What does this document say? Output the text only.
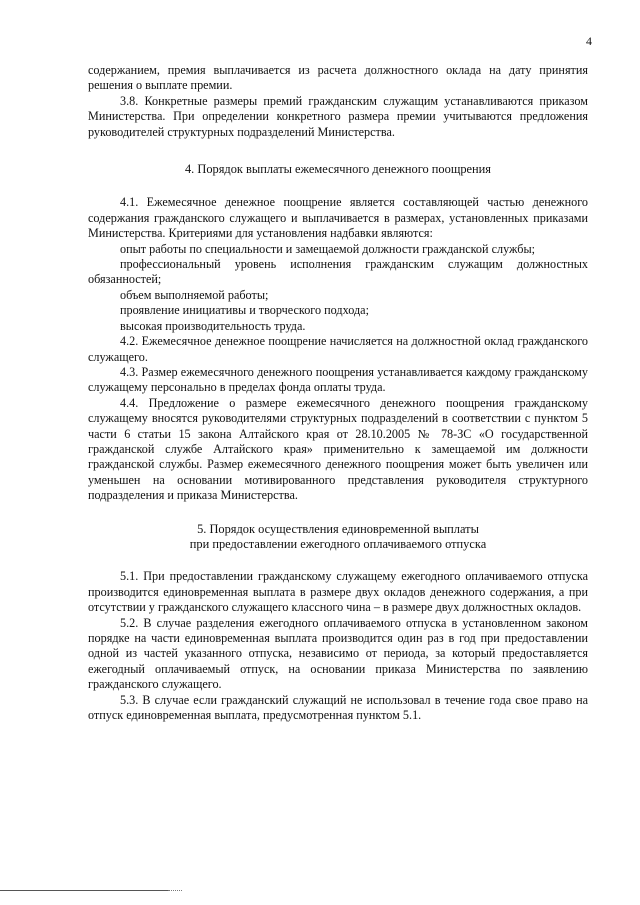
4

содержанием, премия выплачивается из расчета должностного оклада на дату принятия решения о выплате премии.

3.8. Конкретные размеры премий гражданским служащим устанавливаются приказом Министерства. При определении конкретного размера премии учитываются предложения руководителей структурных подразделений Министерства.

4. Порядок выплаты ежемесячного денежного поощрения

4.1. Ежемесячное денежное поощрение является составляющей частью денежного содержания гражданского служащего и выплачивается в размерах, установленных приказами Министерства. Критериями для установления надбавки являются:

опыт работы по специальности и замещаемой должности гражданской службы;

профессиональный уровень исполнения гражданским служащим должностных обязанностей;

объем выполняемой работы;

проявление инициативы и творческого подхода;

высокая производительность труда.

4.2. Ежемесячное денежное поощрение начисляется на должностной оклад гражданского служащего.

4.3. Размер ежемесячного денежного поощрения устанавливается каждому гражданскому служащему персонально в пределах фонда оплаты труда.

4.4. Предложение о размере ежемесячного денежного поощрения гражданскому служащему вносятся руководителями структурных подразделений в соответствии с пунктом 5 части 6 статьи 15 закона Алтайского края от 28.10.2005 № 78-ЗС «О государственной гражданской службе Алтайского края» применительно к замещаемой им должности гражданской службы. Размер ежемесячного денежного поощрения может быть увеличен или уменьшен на основании мотивированного представления руководителя структурного подразделения и приказа Министерства.

5. Порядок осуществления единовременной выплаты
при предоставлении ежегодного оплачиваемого отпуска

5.1. При предоставлении гражданскому служащему ежегодного оплачиваемого отпуска производится единовременная выплата в размере двух окладов денежного содержания, а при отсутствии у гражданского служащего классного чина – в размере двух должностных окладов.

5.2. В случае разделения ежегодного оплачиваемого отпуска в установленном законом порядке на части единовременная выплата производится один раз в год при предоставлении одной из частей указанного отпуска, независимо от периода, за который предоставляется ежегодный оплачиваемый отпуск, на основании приказа Министерства по заявлению гражданского служащего.

5.3. В случае если гражданский служащий не использовал в течение года свое право на отпуск единовременная выплата, предусмотренная пунктом 5.1.
